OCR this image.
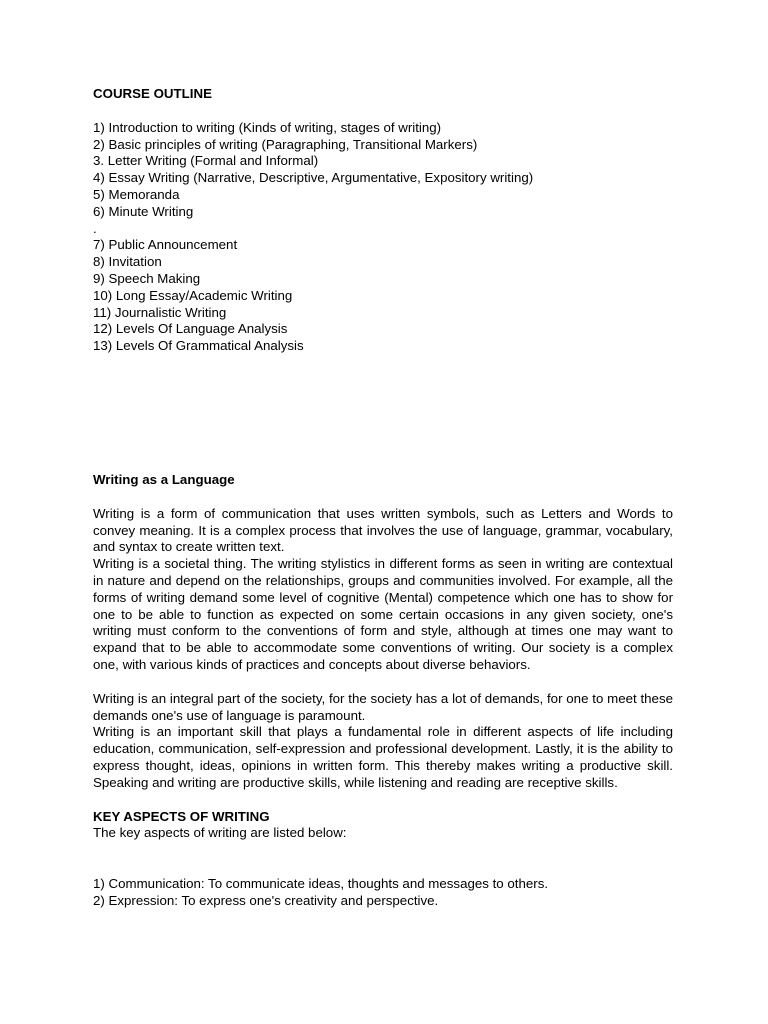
COURSE OUTLINE

1) Introduction to writing (Kinds of writing, stages of writing)
2) Basic principles of writing (Paragraphing, Transitional Markers)
3. Letter Writing (Formal and Informal)
4) Essay Writing (Narrative, Descriptive, Argumentative, Expository writing)
5) Memoranda
6) Minute Writing
.
7) Public Announcement
8) Invitation
9) Speech Making
10) Long Essay/Academic Writing
11) Journalistic Writing
12) Levels Of Language Analysis
13) Levels Of Grammatical Analysis

Writing as a Language

Writing is a form of communication that uses written symbols, such as Letters and Words to convey meaning. It is a complex process that involves the use of language, grammar, vocabulary, and syntax to create written text.

Writing is a societal thing. The writing stylistics in different forms as seen in writing are contextual in nature and depend on the relationships, groups and communities involved. For example, all the forms of writing demand some level of cognitive (Mental) competence which one has to show for one to be able to function as expected on some certain occasions in any given society, one's writing must conform to the conventions of form and style, although at times one may want to expand that to be able to accommodate some conventions of writing. Our society is a complex one, with various kinds of practices and concepts about diverse behaviors.

Writing is an integral part of the society, for the society has a lot of demands, for one to meet these demands one's use of language is paramount.

Writing is an important skill that plays a fundamental role in different aspects of life including education, communication, self-expression and professional development. Lastly, it is the ability to express thought, ideas, opinions in written form. This thereby makes writing a productive skill. Speaking and writing are productive skills, while listening and reading are receptive skills.

KEY ASPECTS OF WRITING

The key aspects of writing are listed below:

1) Communication: To communicate ideas, thoughts and messages to others.
2) Expression: To express one's creativity and perspective.
